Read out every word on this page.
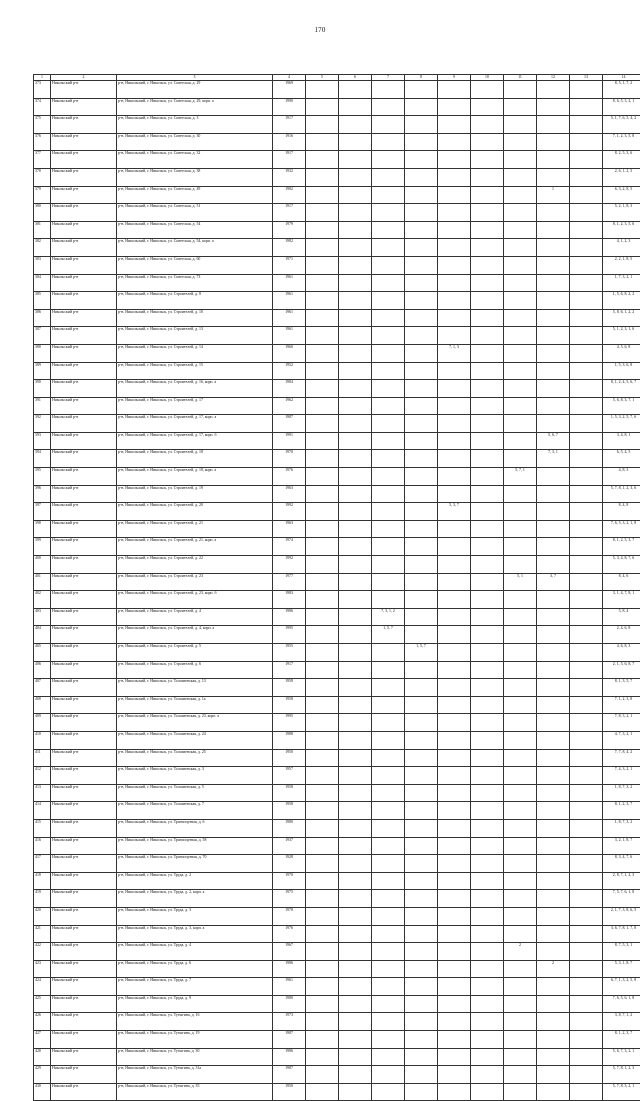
170
1	2	3	4	5	6	7	8	9	10	11	12	13	14
373	Никольский р-н	р-н, Никольский, г. Никольск, ул. Советская, д. 29	1969										8, 5, 1, 7, 2
374	Никольский р-н	р-н, Никольский, г. Никольск, ул. Советская, д. 29, корп. а	1990										8, 6, 5, 3, 2, 1
375	Никольский р-н	р-н, Никольский, г. Никольск, ул. Советская, д. 3	1917										5, 1, 7, 6, 5, 4, 2
376	Никольский р-н	р-н, Никольский, г. Никольск, ул. Советская, д. 30	1916										7, 1, 2, 3, 5, 8
377	Никольский р-н	р-н, Никольский, г. Никольск, ул. Советская, д. 32	1917										8, 2, 5, 3, 6
378	Никольский р-н	р-н, Никольский, г. Никольск, ул. Советская, д. 38	1932										2, 6, 1, 2, 5
379	Никольский р-н	р-н, Никольский, г. Никольск, ул. Советская, д. 49	1982								1		6, 3, 2, 8, 5
380	Никольский р-н	р-н, Никольский, г. Никольск, ул. Советская, д. 51	1917										5, 2, 1, 8, 3
381	Никольский р-н	р-н, Никольский, г. Никольск, ул. Советская, д. 54	1979										8, 1, 2, 3, 5, 6
382	Никольский р-н	р-н, Никольский, г. Никольск, ул. Советская, д. 54, корп. а	1982										4, 1, 2, 3
383	Никольский р-н	р-н, Никольский, г. Никольск, ул. Советская, д. 60	1971										2, 2, 1, 8, 5
384	Никольский р-н	р-н, Никольский, г. Никольск, ул. Советская, д. 73	1961										1, 7, 3, 2, 1
385	Никольский р-н	р-н, Никольский, г. Никольск, ул. Строителей, д. 8	1961										1, 5, 6, 8, 2, 2
386	Никольский р-н	р-н, Никольский, г. Никольск, ул. Строителей, д. 10	1961										5, 8, 6, 1, 2, 2
387	Никольский р-н	р-н, Никольский, г. Никольск, ул. Строителей, д. 13	1961										5, 1, 2, 3, 1, 6
388	Никольский р-н	р-н, Никольский, г. Никольск, ул. Строителей, д. 14	1960					7, 1, 3					4, 5, 6, 8
389	Никольский р-н	р-н, Никольский, г. Никольск, ул. Строителей, д. 15	1952										1, 5, 3, 6, 8
390	Никольский р-н	р-н, Никольский, г. Никольск, ул. Строителей, д. 16, корп. а	1984										8, 1, 2, 4, 5, 6, 7
391	Никольский р-н	р-н, Никольский, г. Никольск, ул. Строителей, д. 17	1962										5, 6, 8, 3, 7, 1
392	Никольский р-н	р-н, Никольский, г. Никольск, ул. Строителей, д. 17, корп. а	1987										1, 5, 3, 2, 5, 7, 6
393	Никольский р-н	р-н, Никольский, г. Никольск, ул. Строителей, д. 17, корп. б	1991								5, 6, 7		3, 4, 8, 1
394	Никольский р-н	р-н, Никольский, г. Никольск, ул. Строителей, д. 18	1970								7, 3, 1		6, 5, 4, 5
395	Никольский р-н	р-н, Никольский, г. Никольск, ул. Строителей, д. 18, корп. а	1976							5, 7, 1			4, 8, 3
396	Никольский р-н	р-н, Никольский, г. Никольск, ул. Строителей, д. 19	1963										5, 7, 8, 1, 2, 3, 6
397	Никольский р-н	р-н, Никольский, г. Никольск, ул. Строителей, д. 20	1992					5, 3, 7					8, 4, 8
398	Никольский р-н	р-н, Никольский, г. Никольск, ул. Строителей, д. 21	1963										7, 6, 5, 3, 2, 1, 8
399	Никольский р-н	р-н, Никольский, г. Никольск, ул. Строителей, д. 21, корп. а	1974										8, 1, 2, 5, 3, 7
400	Никольский р-н	р-н, Никольский, г. Никольск, ул. Строителей, д. 22	1992										5, 3, 4, 8, 7, 6
401	Никольский р-н	р-н, Никольский, г. Никольск, ул. Строителей, д. 23	1977							5, 1	3, 7		8, 4, 6
402	Никольский р-н	р-н, Никольский, г. Никольск, ул. Строителей, д. 23, корп. б	1983										3, 1, 4, 7, 8, 1
403	Никольский р-н	р-н, Никольский, г. Никольск, ул. Строителей, д. 4	1986			7, 3, 1, 2							5, 8, 4
404	Никольский р-н	р-н, Никольский, г. Никольск, ул. Строителей, д. 4, корп. а	1995			1, 5, 7							2, 4, 6, 8
405	Никольский р-н	р-н, Никольский, г. Никольск, ул. Строителей, д. 5	1955				1, 5, 7						4, 6, 8, 3
406	Никольский р-н	р-н, Никольский, г. Никольск, ул. Строителей, д. 6	1917										2, 1, 5, 6, 8, 7
407	Никольский р-н	р-н, Никольский, г. Никольск, ул. Толшменская, д. 13	1958										8, 1, 3, 5, 7
408	Никольский р-н	р-н, Никольский, г. Никольск, ул. Толшменская, д. 1а	1958										7, 1, 2, 3, 8
409	Никольский р-н	р-н, Никольский, г. Никольск, ул. Толшменская, д. 23, корп. а	1995										7, 8, 3, 2, 1
410	Никольский р-н	р-н, Никольский, г. Никольск, ул. Толшменская, д. 24	1988										4, 7, 3, 2, 1
411	Никольский р-н	р-н, Никольский, г. Никольск, ул. Толшменская, д. 25	1950										7, 7, 8, 4, 2
412	Никольский р-н	р-н, Никольский, г. Никольск, ул. Толшменская, д. 3	1957										7, 4, 3, 2, 1
413	Никольский р-н	р-н, Никольский, г. Никольск, ул. Толшменская, д. 5	1958										1, 8, 7, 3, 2
414	Никольский р-н	р-н, Никольский, г. Никольск, ул. Толшменская, д. 7	1958										8, 1, 2, 3, 7
415	Никольский р-н	р-н, Никольский, г. Никольск, ул. Транспортная, д. 6	1980										1, 8, 7, 3, 2
416	Никольский р-н	р-н, Никольский, г. Никольск, ул. Транспортная, д. 58	1937										3, 2, 1, 8, 7
417	Никольский р-н	р-н, Никольский, г. Никольск, ул. Транспортная, д. 70	1928										8, 3, 4, 7, 6
418	Никольский р-н	р-н, Никольский, г. Никольск, ул. Труда, д. 2	1970										2, 8, 7, 1, 2, 3
419	Никольский р-н	р-н, Никольский, г. Никольск, ул. Труда, д. 2, корп. а	1975										7, 5, 7, 6, 1, 8
420	Никольский р-н	р-н, Никольский, г. Никольск, ул. Труда, д. 3	1978										2, 1, 7, 3, 8, 6, 5
421	Никольский р-н	р-н, Никольский, г. Никольск, ул. Труда, д. 3, корп. а	1976										3, 6, 7, 8, 1, 7, 8
422	Никольский р-н	р-н, Никольский, г. Никольск, ул. Труда, д. 4	1967							2			8, 7, 5, 3, 1
423	Никольский р-н	р-н, Никольский, г. Никольск, ул. Труда, д. 6	1986								2		5, 3, 1, 8, 7
424	Никольский р-н	р-н, Никольский, г. Никольск, ул. Труда, д. 7	1961										6, 7, 1, 3, 2, 5, 8
425	Никольский р-н	р-н, Никольский, г. Никольск, ул. Труда, д. 9	1980										7, 6, 5, 6, 1, 8
426	Никольский р-н	р-н, Никольский, г. Никольск, ул. Тутыгина, д. 16	1973										3, 8, 7, 1, 2
427	Никольский р-н	р-н, Никольский, г. Никольск, ул. Тутыгина, д. 19	1987										8, 1, 2, 3, 7
428	Никольский р-н	р-н, Никольский, г. Никольск, ул. Тутыгина, д. 30	1986										5, 6, 7, 3, 2, 1
429	Никольский р-н	р-н, Никольский, г. Никольск, ул. Тутыгина, д. 31а	1987										5, 7, 8, 1, 2, 3
430	Никольский р-н	р-н, Никольский, г. Никольск, ул. Тутыгина, д. 35	1950										5, 7, 8, 3, 2, 1
